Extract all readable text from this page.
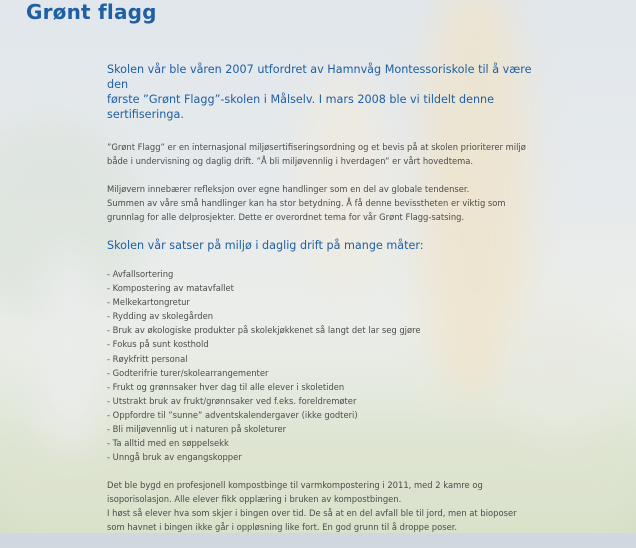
Grønt flagg
Skolen vår ble våren 2007 utfordret av Hamnvåg Montessoriskole til å være den
første ”Grønt Flagg”-skolen i Målselv. I mars 2008 ble vi tildelt denne sertifiseringa.

”Grønt Flagg” er en internasjonal miljøsertifiseringsordning og et bevis på at skolen prioriterer miljø
både i undervisning og daglig drift. ”Å bli miljøvennlig i hverdagen” er vårt hovedtema.

Miljøvern innebærer refleksjon over egne handlinger som en del av globale tendenser.
Summen av våre små handlinger kan ha stor betydning. Å få denne bevisstheten er viktig som
grunnlag for alle delprosjekter. Dette er overordnet tema for vår Grønt Flagg-satsing.

Skolen vår satser på miljø i daglig drift på mange måter:
- Avfallsortering
- Kompostering av matavfallet
- Melkekartongretur
- Rydding av skolegården
- Bruk av økologiske produkter på skolekjøkkenet så langt det lar seg gjøre
- Fokus på sunt kosthold
- Røykfritt personal
- Godterifrie turer/skolearrangementer
- Frukt og grønnsaker hver dag til alle elever i skoletiden
- Utstrakt bruk av frukt/grønnsaker ved f.eks. foreldremøter
- Oppfordre til ”sunne” adventskalendergaver (ikke godteri)
- Bli miljøvennlig ut i naturen på skoleturer
- Ta alltid med en søppelsekk
- Unngå bruk av engangskopper

Det ble bygd en profesjonell kompostbinge til varmkompostering i 2011, med 2 kamre og
isoporisolasjon. Alle elever fikk opplæring i bruken av kompostbingen.
I høst så elever hva som skjer i bingen over tid. De så at en del avfall ble til jord, men at bioposer
som havnet i bingen ikke går i oppløsning like fort. En god grunn til å droppe poser.
